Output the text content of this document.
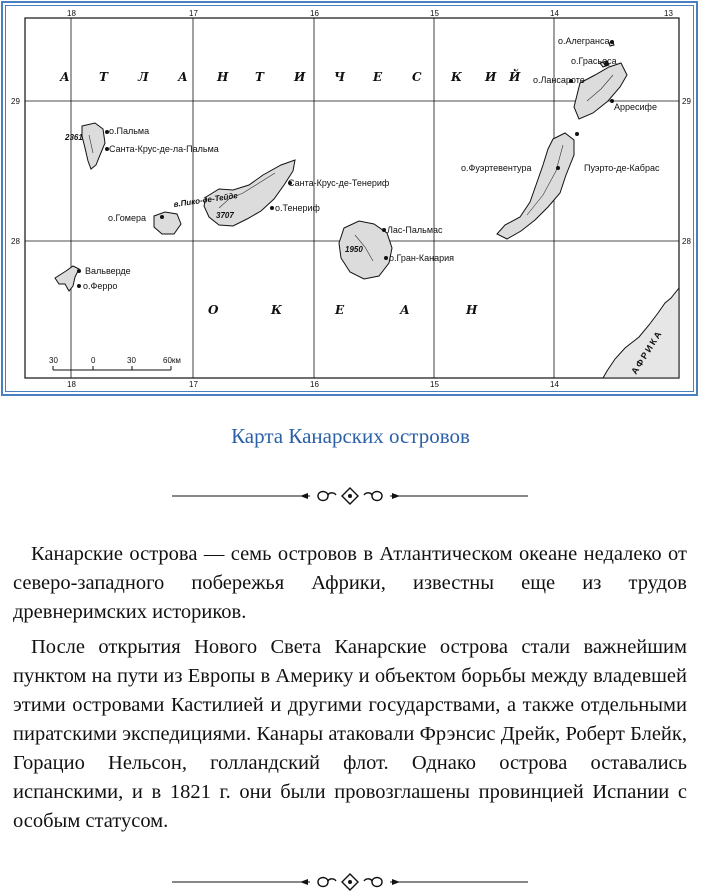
18	17	16	15	14	13
18	17	16	15	14
29
28
29
28
А Т	Л А Н Т	И Ч Е С К И Й
О	К	Е	А	Н
АФРИКА
о.Пальма
Санта-Крус-де-ла-Пальма
о.Гомера
Вальверде
о.Ферро
в.Пико-де-Тейде
Санта-Крус-де-Тенериф
о.Тенериф
Лас-Пальмас
о.Гран-Канария
о.Фуэртевентура	Пуэрто-де-Кабрас
о.Алегранса
о.Грасьоса
о.Лансароте
Арресифе
2361
3707
1950
30	0	30	60км
Карта Канарских островов

Канарские острова — семь островов в Атлантическом океане недалеко от северо-западного побережья Африки, известны еще из трудов древнеримских историков.

После открытия Нового Света Канарские острова стали важнейшим пунктом на пути из Европы в Америку и объектом борьбы между владевшей этими островами Кастилией и другими государствами, а также отдельными пиратскими экспедициями. Канары атаковали Фрэнсис Дрейк, Роберт Блейк, Горацио Нельсон, голландский флот. Однако острова оставались испанскими, и в 1821 г. они были провозглашены провинцией Испании с особым статусом.
